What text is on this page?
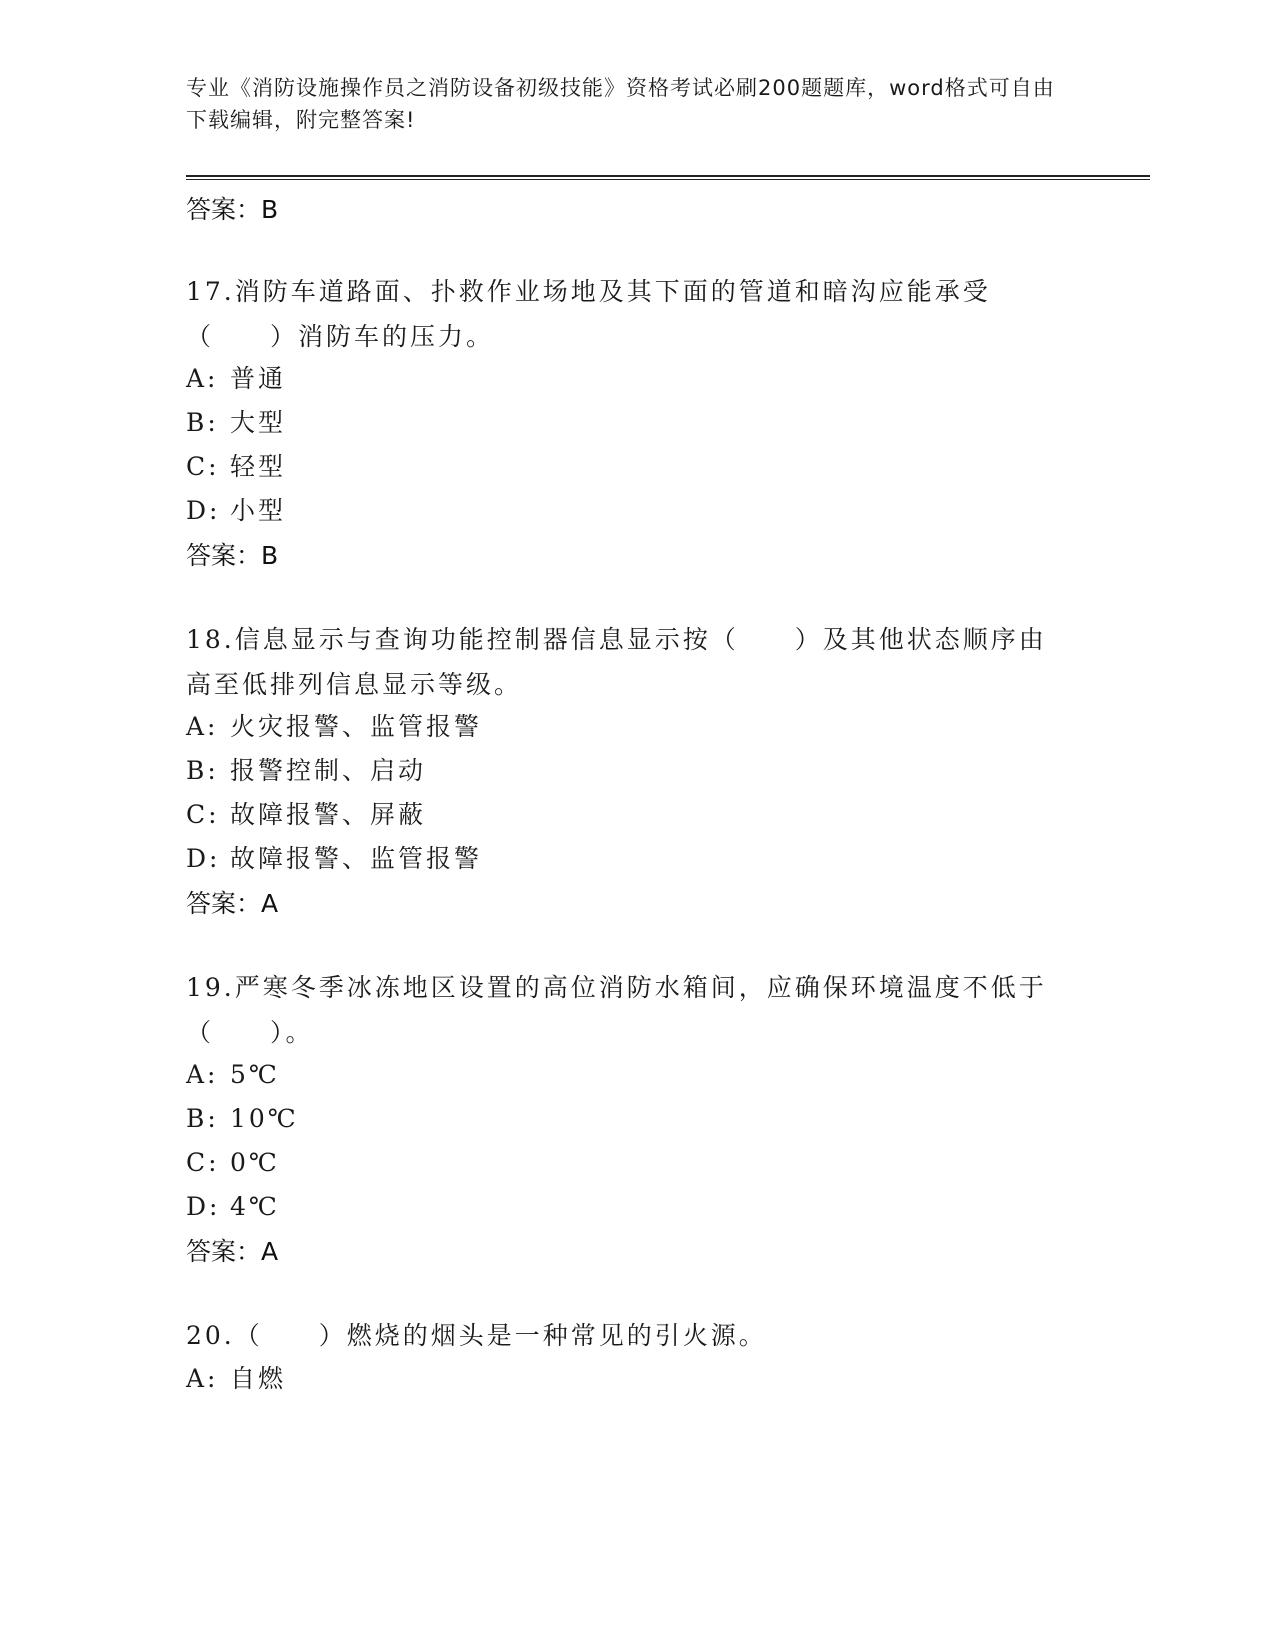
专业《消防设施操作员之消防设备初级技能》资格考试必刷200题题库，word格式可自由下载编辑，附完整答案!
答案：B
17.消防车道路面、扑救作业场地及其下面的管道和暗沟应能承受（　　）消防车的压力。
A: 普通
B: 大型
C: 轻型
D: 小型
答案：B
18.信息显示与查询功能控制器信息显示按（　　）及其他状态顺序由高至低排列信息显示等级。
A: 火灾报警、监管报警
B: 报警控制、启动
C: 故障报警、屏蔽
D: 故障报警、监管报警
答案：A
19.严寒冬季冰冻地区设置的高位消防水箱间，应确保环境温度不低于（　　）。
A: 5℃
B: 10℃
C: 0℃
D: 4℃
答案：A
20.（　　）燃烧的烟头是一种常见的引火源。
A: 自燃
